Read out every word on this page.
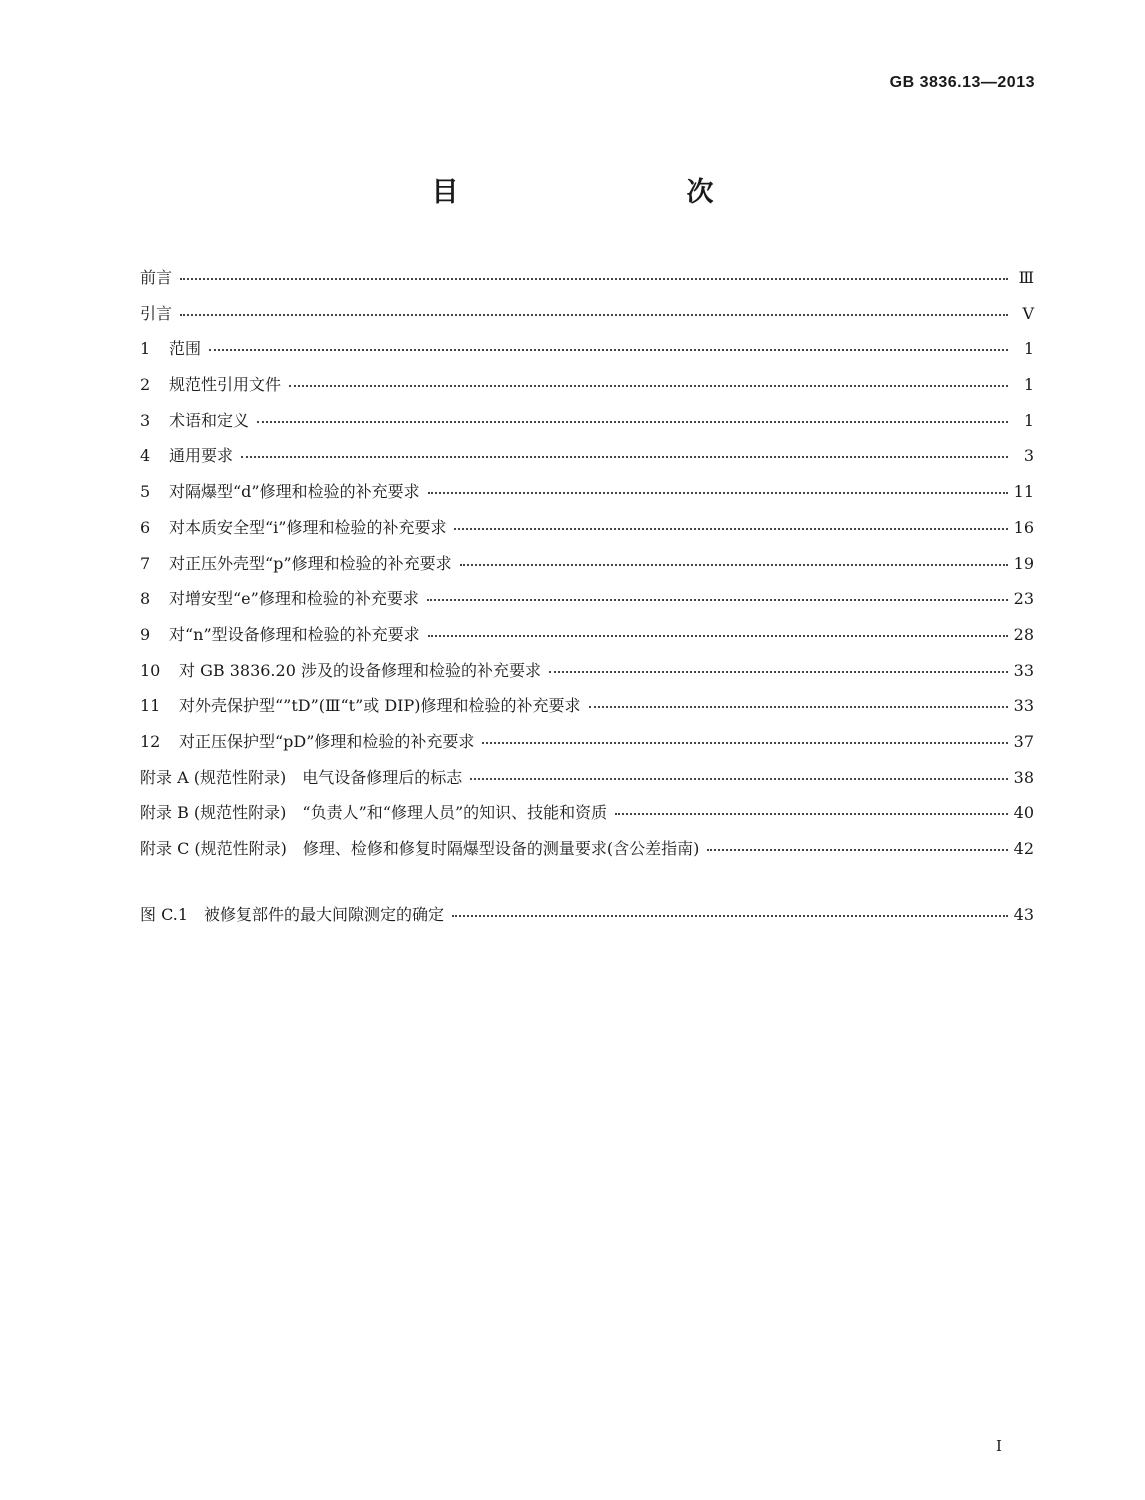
GB 3836.13—2013
目　　次
前言	Ⅲ
引言	V
1 范围	1
2 规范性引用文件	1
3 术语和定义	1
4 通用要求	3
5 对隔爆型“d”修理和检验的补充要求	11
6 对本质安全型“i”修理和检验的补充要求	16
7 对正压外壳型“p”修理和检验的补充要求	19
8 对增安型“e”修理和检验的补充要求	23
9 对“n”型设备修理和检验的补充要求	28
10 对 GB 3836.20 涉及的设备修理和检验的补充要求	33
11 对外壳保护型“”tD”(Ⅲ“t”或 DIP)修理和检验的补充要求	33
12 对正压保护型“pD”修理和检验的补充要求	37
附录 A (规范性附录)　电气设备修理后的标志	38
附录 B (规范性附录)　“负责人”和“修理人员”的知识、技能和资质	40
附录 C (规范性附录)　修理、检修和修复时隔爆型设备的测量要求(含公差指南)	42
图 C.1　被修复部件的最大间隙测定的确定	43
I
